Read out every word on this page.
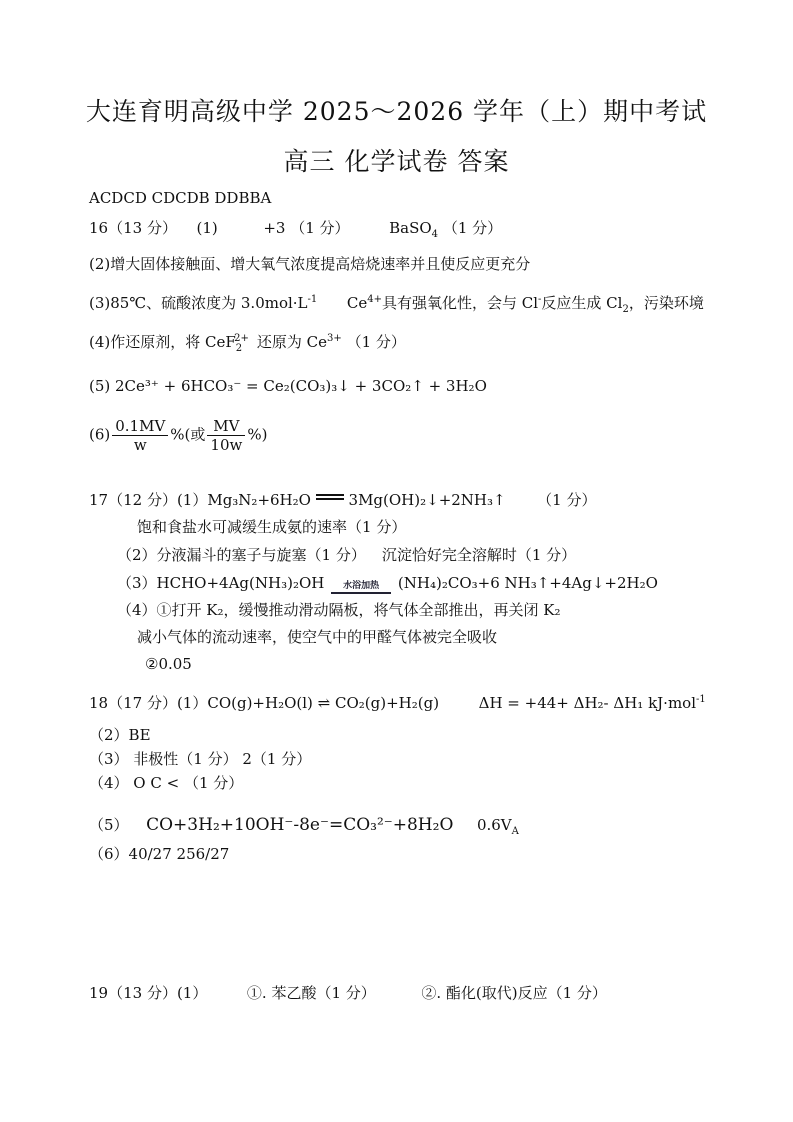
大连育明高级中学 2025～2026 学年（上）期中考试
高三 化学试卷 答案
ACDCD CDCDB DDBBA
16（13 分） (1)	+3 （1 分）	BaSO$_4$ （1 分）
(2)增大固体接触面、增大氧气浓度提高焙烧速率并且使反应更充分
(3)85℃、硫酸浓度为 $3.0mol\cdot L^{-1}$ $Ce^{4+}$具有强氧化性，会与 Cl-反应生成 $Cl_2$，污染环境
(4)作还原剂，将 CeF$_2^{2+}$ 还原为 $Ce^{3+}$ （1 分）
(5) 2Ce³⁺ + 6HCO₃⁻ = Ce₂(CO₃)₃↓ + 3CO₂↑ + 3H₂O
$(6) \frac{0.1MV}{w}$ %(或 $\frac{MV}{10w}$ %)
17（12 分）(1）Mg₃N₂+6H₂O	3Mg(OH)₂↓+2NH₃↑ （1 分）
饱和食盐水可减缓生成氨的速率（1 分）
（2）分液漏斗的塞子与旋塞（1 分） 沉淀恰好完全溶解时（1 分）
（3）HCHO+4Ag(NH₃)₂OH	水浴加热	(NH₄)₂CO₃+6 NH₃↑+4Ag↓+2H₂O
（4）①打开 K₂，缓慢推动滑动隔板，将气体全部推出，再关闭 K₂
减小气体的流动速率，使空气中的甲醛气体被完全吸收
②0.05
18（17 分）(1）CO(g)+H₂O(l) ⇌ CO₂(g)+H₂(g)	ΔH = +44+ ΔH₂- ΔH₁ kJ·mol$^{-1}$
（2）BE
（3） 非极性（1 分） 2（1 分）
（4） O C < （1 分）
（5） CO+3H₂+10OH⁻-8e⁻=CO₃²⁻+8H₂O $0.6V_A$
（6）40/27 256/27
19（13 分）(1）	①. 苯乙酸（1 分）	②. 酯化(取代)反应（1 分）
